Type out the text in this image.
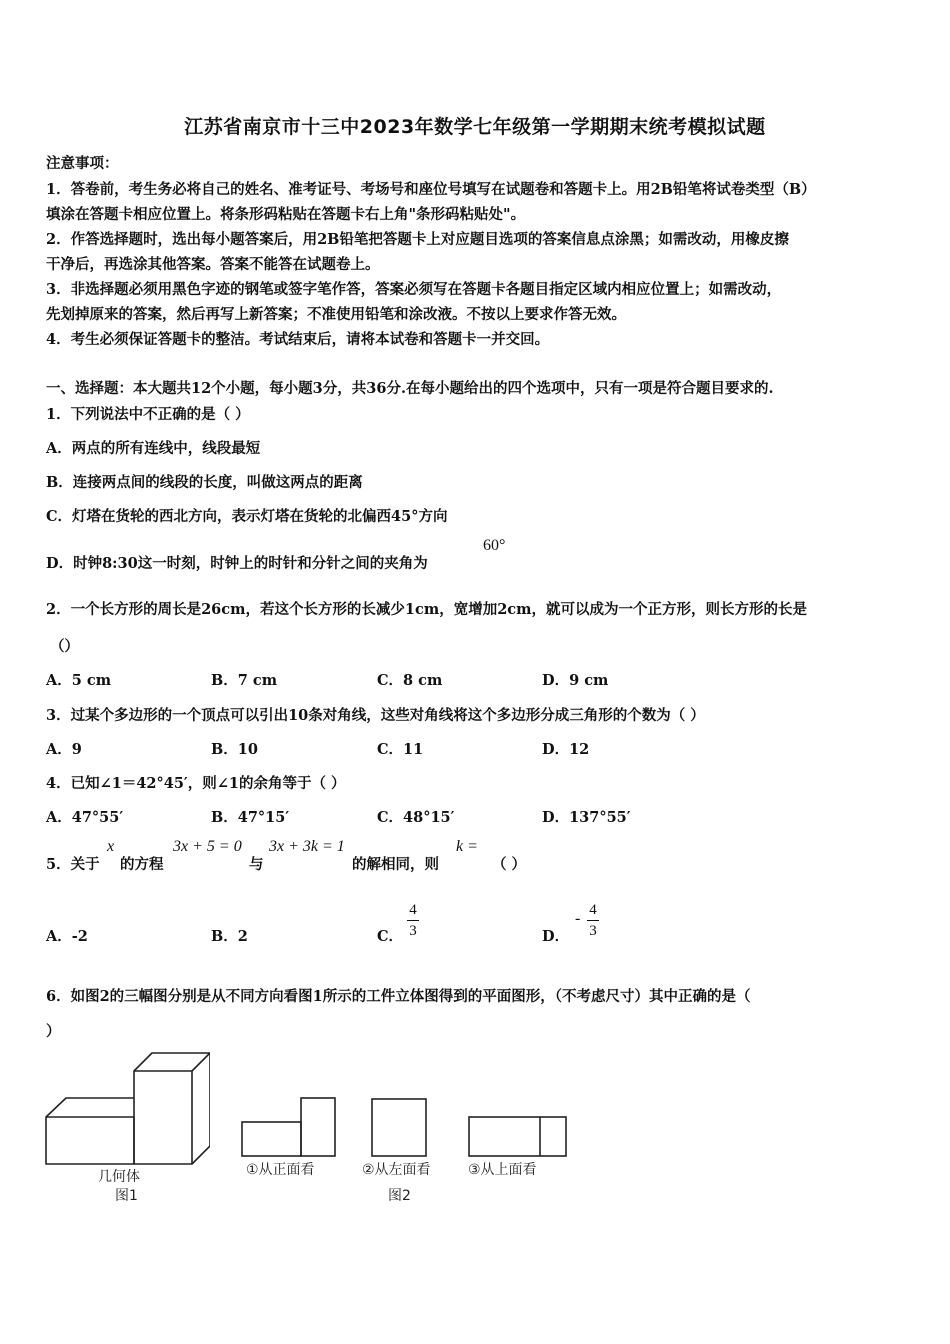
江苏省南京市十三中2023年数学七年级第一学期期末统考模拟试题
注意事项：
1．答卷前，考生务必将自己的姓名、准考证号、考场号和座位号填写在试题卷和答题卡上。用2B铅笔将试卷类型（B）
填涂在答题卡相应位置上。将条形码粘贴在答题卡右上角"条形码粘贴处"。
2．作答选择题时，选出每小题答案后，用2B铅笔把答题卡上对应题目选项的答案信息点涂黑；如需改动，用橡皮擦
干净后，再选涂其他答案。答案不能答在试题卷上。
3．非选择题必须用黑色字迹的钢笔或签字笔作答，答案必须写在答题卡各题目指定区域内相应位置上；如需改动，
先划掉原来的答案，然后再写上新答案；不准使用铅笔和涂改液。不按以上要求作答无效。
4．考生必须保证答题卡的整洁。考试结束后，请将本试卷和答题卡一并交回。
一、选择题：本大题共12个小题，每小题3分，共36分.在每小题给出的四个选项中，只有一项是符合题目要求的.
1．下列说法中不正确的是（ ）
A．两点的所有连线中，线段最短
B．连接两点间的线段的长度，叫做这两点的距离
C．灯塔在货轮的西北方向，表示灯塔在货轮的北偏西45°方向
D．时钟8:30这一时刻，时钟上的时针和分针之间的夹角为
60°
2．一个长方形的周长是26cm，若这个长方形的长减少1cm，宽增加2cm，就可以成为一个正方形，则长方形的长是
（）
A．5 cm	B．7 cm	C．8 cm	D．9 cm
3．过某个多边形的一个顶点可以引出10条对角线，这些对角线将这个多边形分成三角形的个数为（ ）
A．9	B．10	C．11	D．12
4．已知∠1＝42°45′，则∠1的余角等于（ ）
A．47°55′	B．47°15′	C．48°15′	D．137°55′
5．关于
x
的方程
3x + 5 = 0
与
3x + 3k = 1
的解相同，则
k =
（ ）
A．-2	B．2	C． $\frac{4}{3}$	D．
- $\frac{4}{3}$
6．如图2的三幅图分别是从不同方向看图1所示的工件立体图得到的平面图形，（不考虑尺寸）其中正确的是（
）
几何体
图1
①从正面看	②从左面看	③从上面看
图2
